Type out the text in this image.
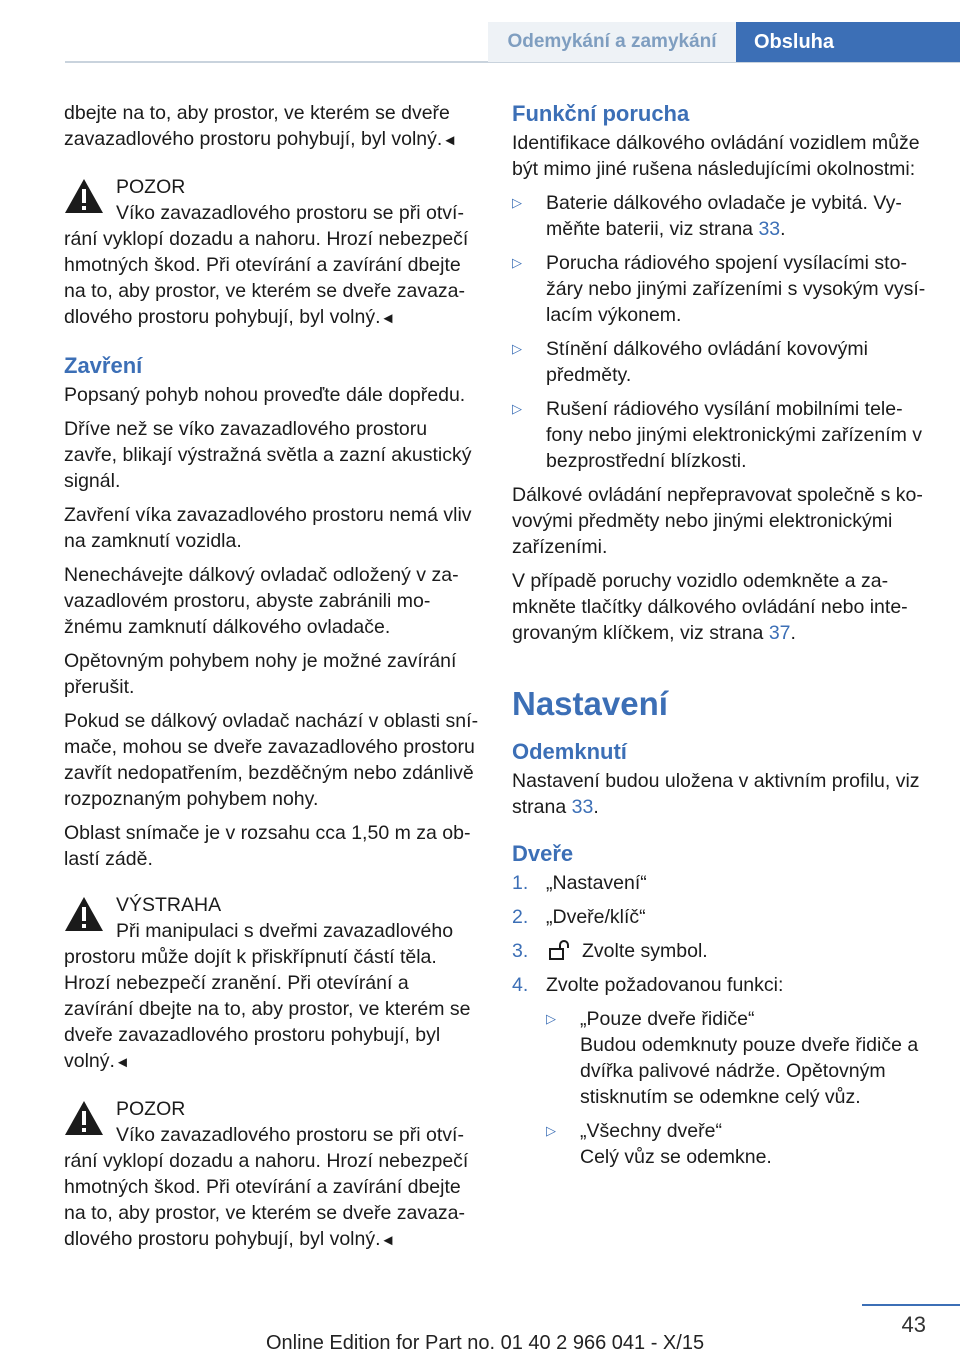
Odemykání a zamykání	Obsluha

dbejte na to, aby prostor, ve kterém se dveře zavazadlového prostoru pohybují, byl volný.◄

POZOR
Víko zavazadlového prostoru se při otvírání vyklopí dozadu a nahoru. Hrozí nebezpečí hmotných škod. Při otevírání a zavírání dbejte na to, aby prostor, ve kterém se dveře zavazadlového prostoru pohybují, byl volný.◄
Zavření

Popsaný pohyb nohou proveďte dále dopředu.

Dříve než se víko zavazadlového prostoru zavře, blikají výstražná světla a zazní akustický signál.

Zavření víka zavazadlového prostoru nemá vliv na zamknutí vozidla.

Nenechávejte dálkový ovladač odložený v zavazadlovém prostoru, abyste zabránili možnému zamknutí dálkového ovladače.

Opětovným pohybem nohy je možné zavírání přerušit.

Pokud se dálkový ovladač nachází v oblasti snímače, mohou se dveře zavazadlového prostoru zavřít nedopatřením, bezděčným nebo zdánlivě rozpoznaným pohybem nohy.

Oblast snímače je v rozsahu cca 1,50 m za oblastí zádě.

VÝSTRAHA
Při manipulaci s dveřmi zavazadlového prostoru může dojít k přiskřípnutí částí těla. Hrozí nebezpečí zranění. Při otevírání a zavírání dbejte na to, aby prostor, ve kterém se dveře zavazadlového prostoru pohybují, byl volný.◄
POZOR
Víko zavazadlového prostoru se při otvírání vyklopí dozadu a nahoru. Hrozí nebezpečí hmotných škod. Při otevírání a zavírání dbejte na to, aby prostor, ve kterém se dveře zavazadlového prostoru pohybují, byl volný.◄
Funkční porucha

Identifikace dálkového ovládání vozidlem může být mimo jiné rušena následujícími okolnostmi:

▷ Baterie dálkového ovladače je vybitá. Vyměňte baterii, viz strana 33.
▷ Porucha rádiového spojení vysílacími stožáry nebo jinými zařízeními s vysokým vysílacím výkonem.
▷ Stínění dálkového ovládání kovovými předměty.
▷ Rušení rádiového vysílání mobilními telefony nebo jinými elektronickými zařízením v bezprostřední blízkosti.

Dálkové ovládání nepřepravovat společně s kovovými předměty nebo jinými elektronickými zařízeními.

V případě poruchy vozidlo odemkněte a zamkněte tlačítky dálkového ovládání nebo integrovaným klíčkem, viz strana 37.

Nastavení
Odemknutí

Nastavení budou uložena v aktivním profilu, viz strana 33.

Dveře
1. „Nastavení“
2. „Dveře/klíč“
3.	Zvolte symbol.
4. Zvolte požadovanou funkci:
▷ „Pouze dveře řidiče“
Budou odemknuty pouze dveře řidiče a dvířka palivové nádrže. Opětovným stisknutím se odemkne celý vůz.
▷ „Všechny dveře“
Celý vůz se odemkne.
43
Online Edition for Part no. 01 40 2 966 041 - X/15
